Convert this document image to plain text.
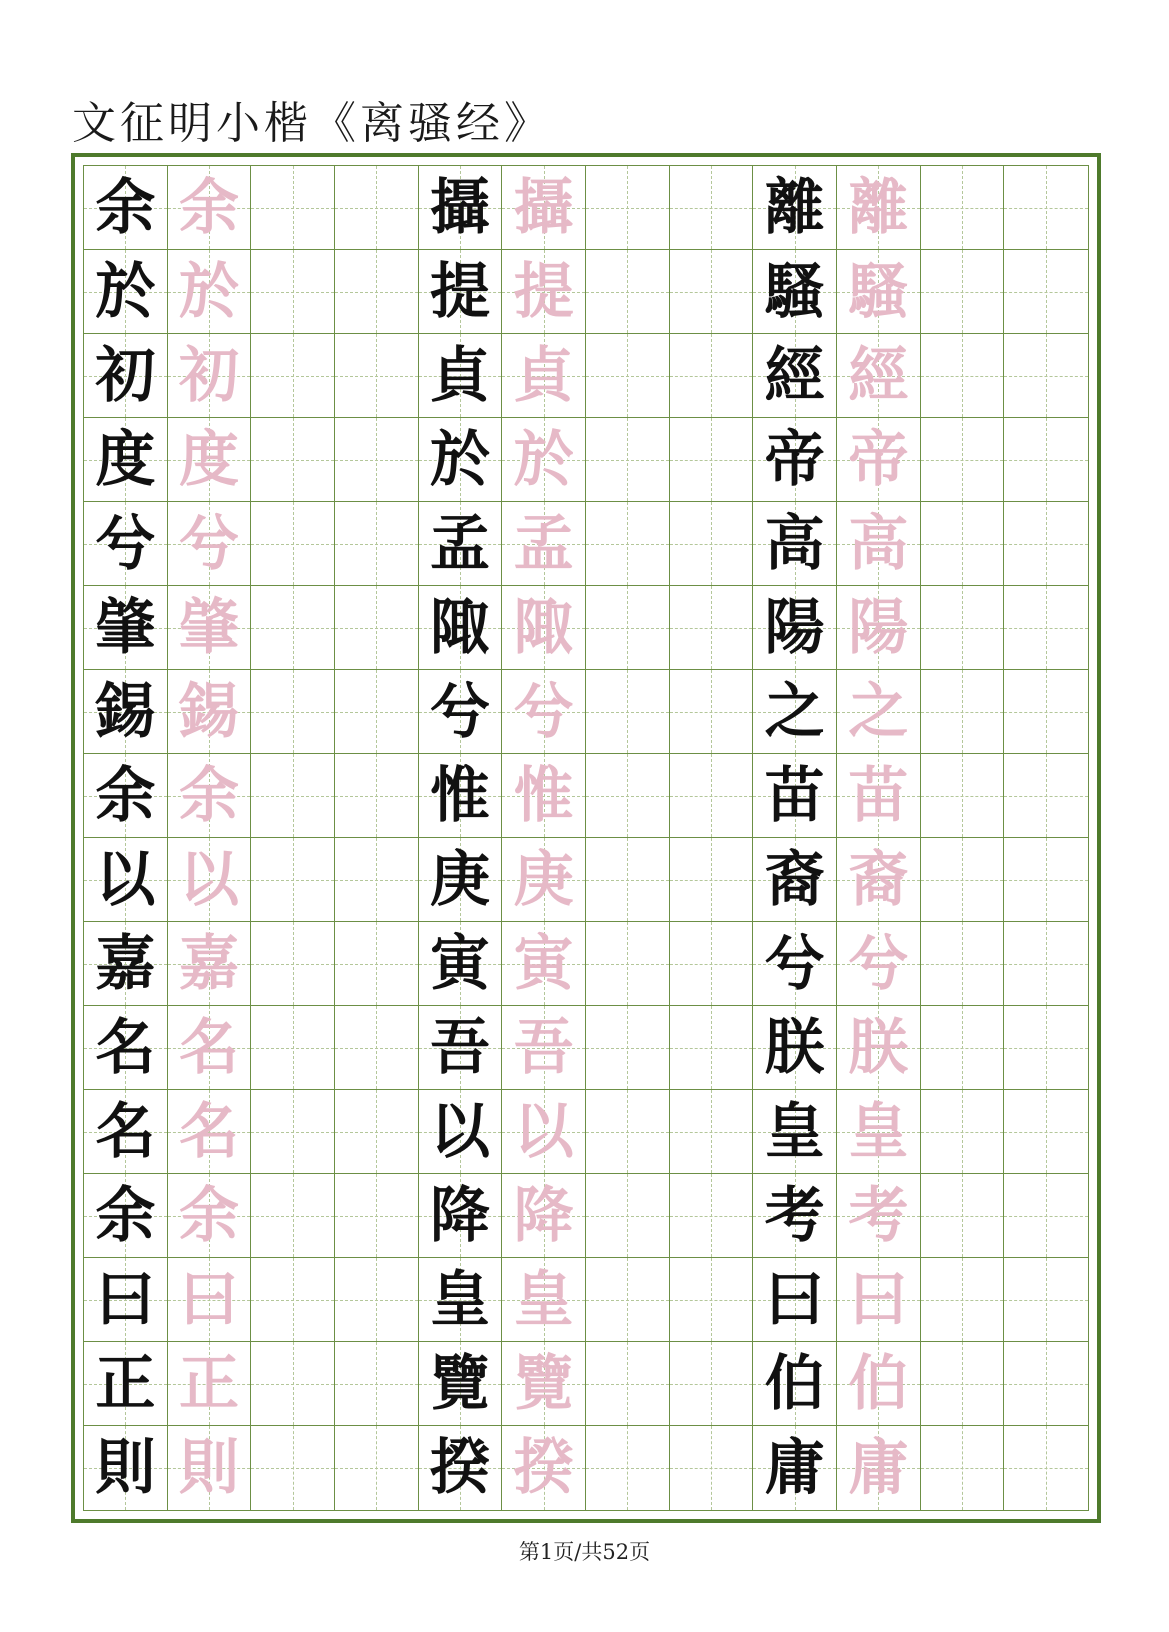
文征明小楷《离骚经》
余 余	攝 攝	離 離
於 於	提 提	騷 騷
初 初	貞 貞	經 經
度 度	於 於	帝 帝
兮 兮	孟 孟	高 高
肇 肇	陬 陬	陽 陽
錫 錫	兮 兮	之 之
余 余	惟 惟	苗 苗
以 以	庚 庚	裔 裔
嘉 嘉	寅 寅	兮 兮
名 名	吾 吾	朕 朕
名 名	以 以	皇 皇
余 余	降 降	考 考
曰 曰	皇 皇	曰 曰
正 正	覽 覽	伯 伯
則 則	揆 揆	庸 庸
第1页/共52页
